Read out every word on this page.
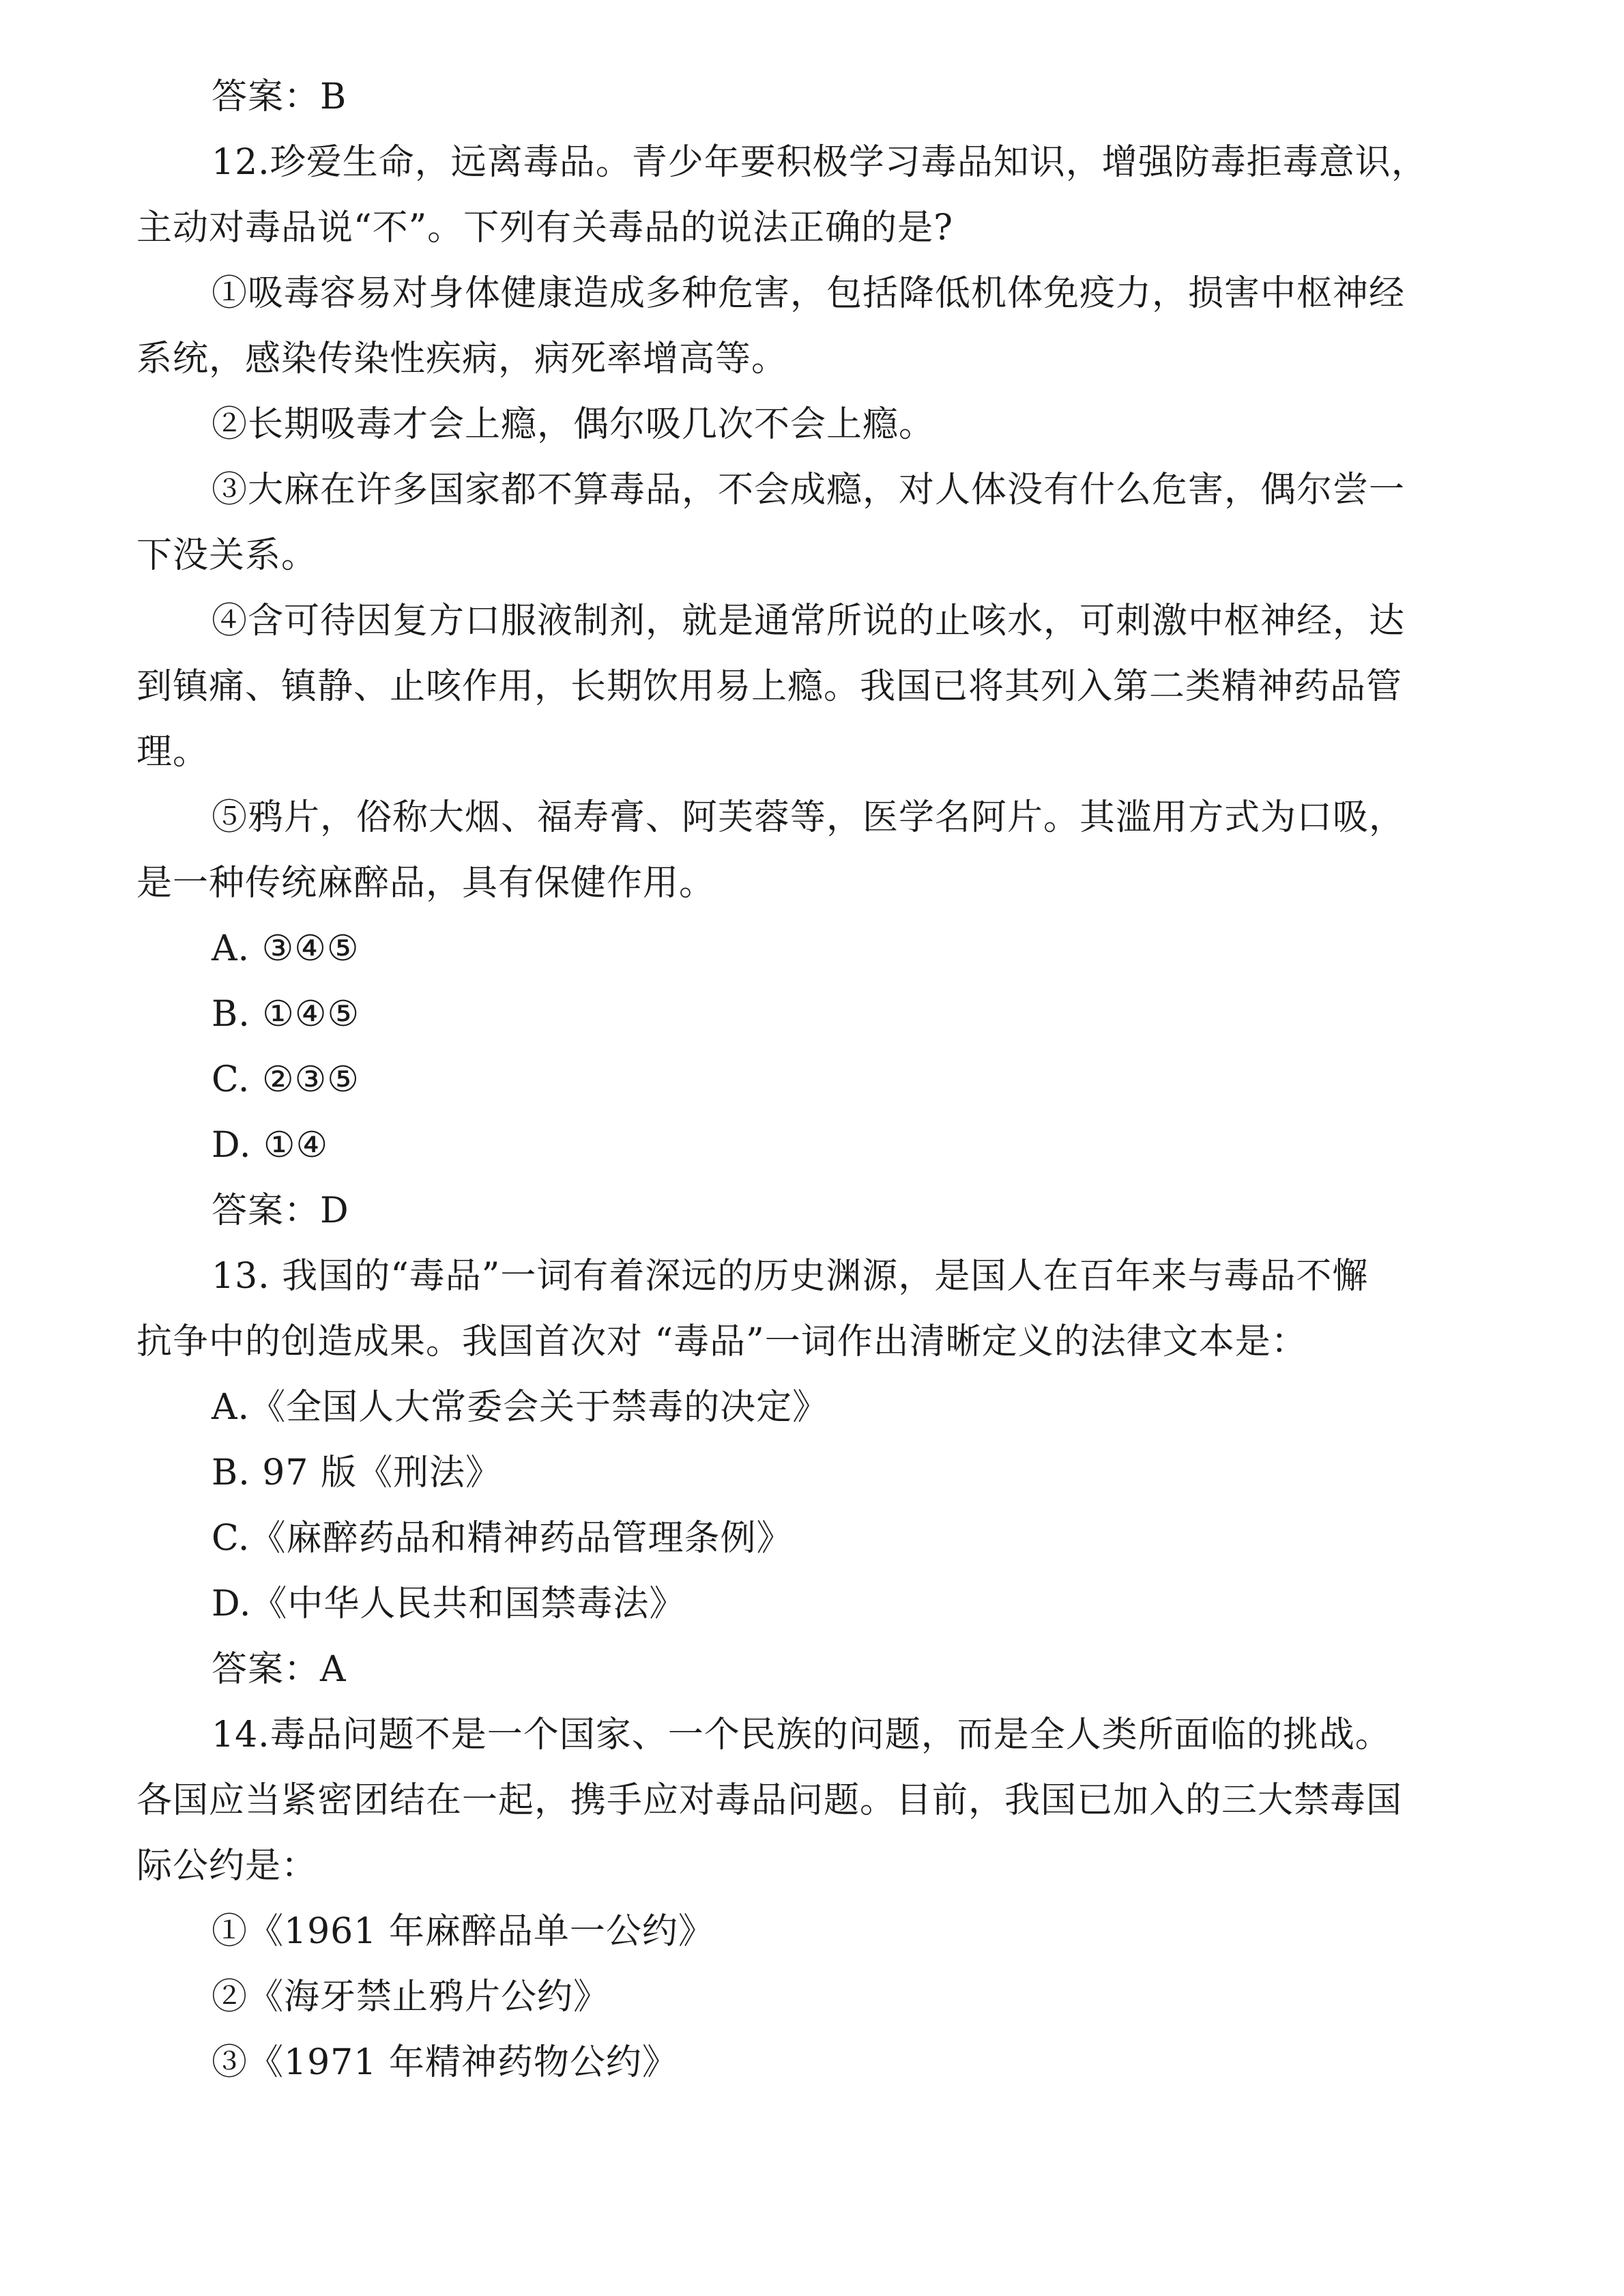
答案：B
12.珍爱生命，远离毒品。青少年要积极学习毒品知识，增强防毒拒毒意识，
主动对毒品说“不”。下列有关毒品的说法正确的是?
①吸毒容易对身体健康造成多种危害，包括降低机体免疫力，损害中枢神经
系统，感染传染性疾病，病死率增高等。
②长期吸毒才会上瘾，偶尔吸几次不会上瘾。
③大麻在许多国家都不算毒品，不会成瘾，对人体没有什么危害，偶尔尝一
下没关系。
④含可待因复方口服液制剂，就是通常所说的止咳水，可刺激中枢神经，达
到镇痛、镇静、止咳作用，长期饮用易上瘾。我国已将其列入第二类精神药品管
理。
⑤鸦片，俗称大烟、福寿膏、阿芙蓉等，医学名阿片。其滥用方式为口吸，
是一种传统麻醉品，具有保健作用。
A. ③④⑤
B. ①④⑤
C. ②③⑤
D. ①④
答案：D
13. 我国的“毒品”一词有着深远的历史渊源，是国人在百年来与毒品不懈
抗争中的创造成果。我国首次对 “毒品”一词作出清晰定义的法律文本是：
A.《全国人大常委会关于禁毒的决定》
B. 97 版《刑法》
C.《麻醉药品和精神药品管理条例》
D.《中华人民共和国禁毒法》
答案：A
14.毒品问题不是一个国家、一个民族的问题，而是全人类所面临的挑战。
各国应当紧密团结在一起，携手应对毒品问题。目前，我国已加入的三大禁毒国
际公约是：
①《1961 年麻醉品单一公约》
②《海牙禁止鸦片公约》
③《1971 年精神药物公约》
